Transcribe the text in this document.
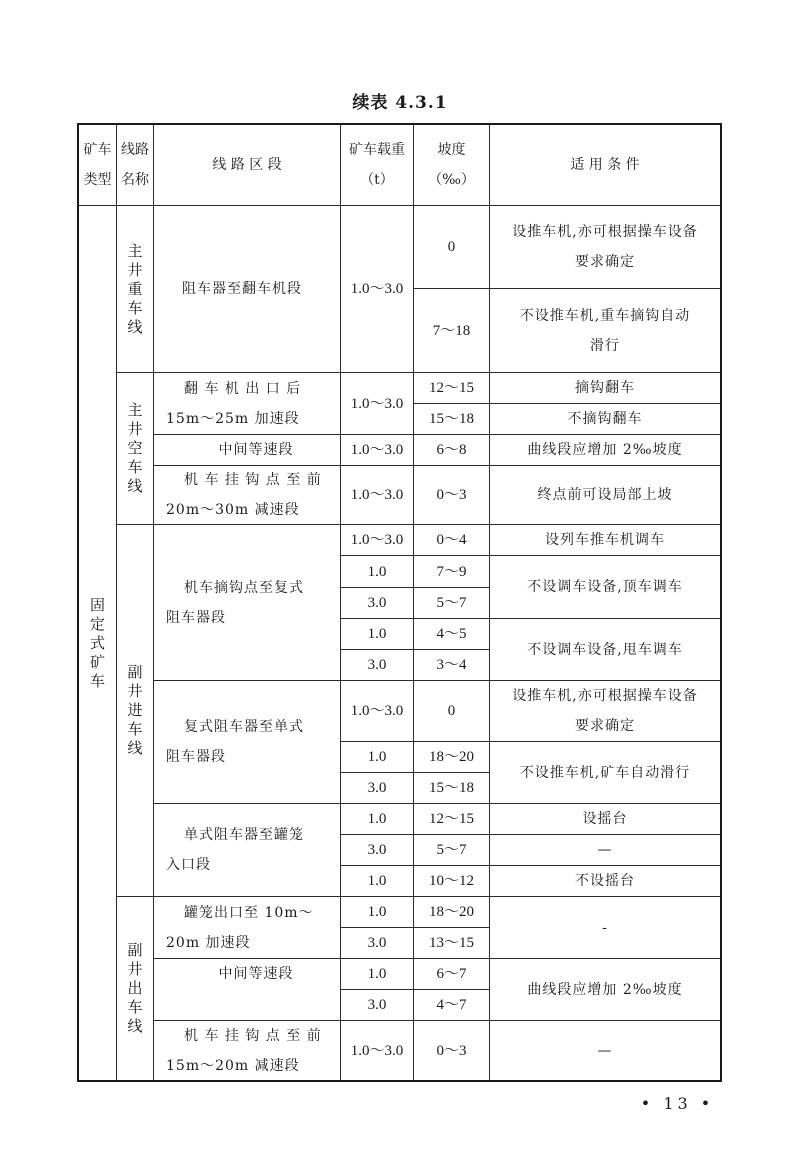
续表 4.3.1
矿车
类型
线路
名称
线 路 区 段
矿车载重
（t）
坡度
（‰）
适 用 条 件
固
定
式
矿
车
主
井
重
车
线
主
井
空
车
线
副
井
进
车
线
副
井
出
车
线
阻车器至翻车机段
翻 车 机 出 口 后
15m～25m 加速段
中间等速段
机 车 挂 钩 点 至 前
20m～30m 减速段
机车摘钩点至复式
阻车器段
复式阻车器至单式
阻车器段
单式阻车器至罐笼
入口段
罐笼出口至 10m～
20m 加速段
中间等速段
机 车 挂 钩 点 至 前
15m～20m 减速段
1.0～3.0
1.0～3.0
1.0～3.0
1.0～3.0
1.0～3.0
1.0
3.0
1.0
3.0
1.0～3.0
1.0
3.0
1.0
3.0
1.0
1.0
3.0
1.0
3.0
1.0～3.0
0
7～18
12～15
15～18
6～8
0～3
0～4
7～9
5～7
4～5
3～4
0
18～20
15～18
12～15
5～7
10～12
18～20
13～15
6～7
4～7
0～3
设推车机,亦可根据操车设备
要求确定
不设推车机,重车摘钩自动
滑行
摘钩翻车
不摘钩翻车
曲线段应增加 2‰坡度
终点前可设局部上坡
设列车推车机调车
不设调车设备,顶车调车
不设调车设备,甩车调车
设推车机,亦可根据操车设备
要求确定
不设推车机,矿车自动滑行
设摇台
—
不设摇台
-
曲线段应增加 2‰坡度
—
• 13 •
